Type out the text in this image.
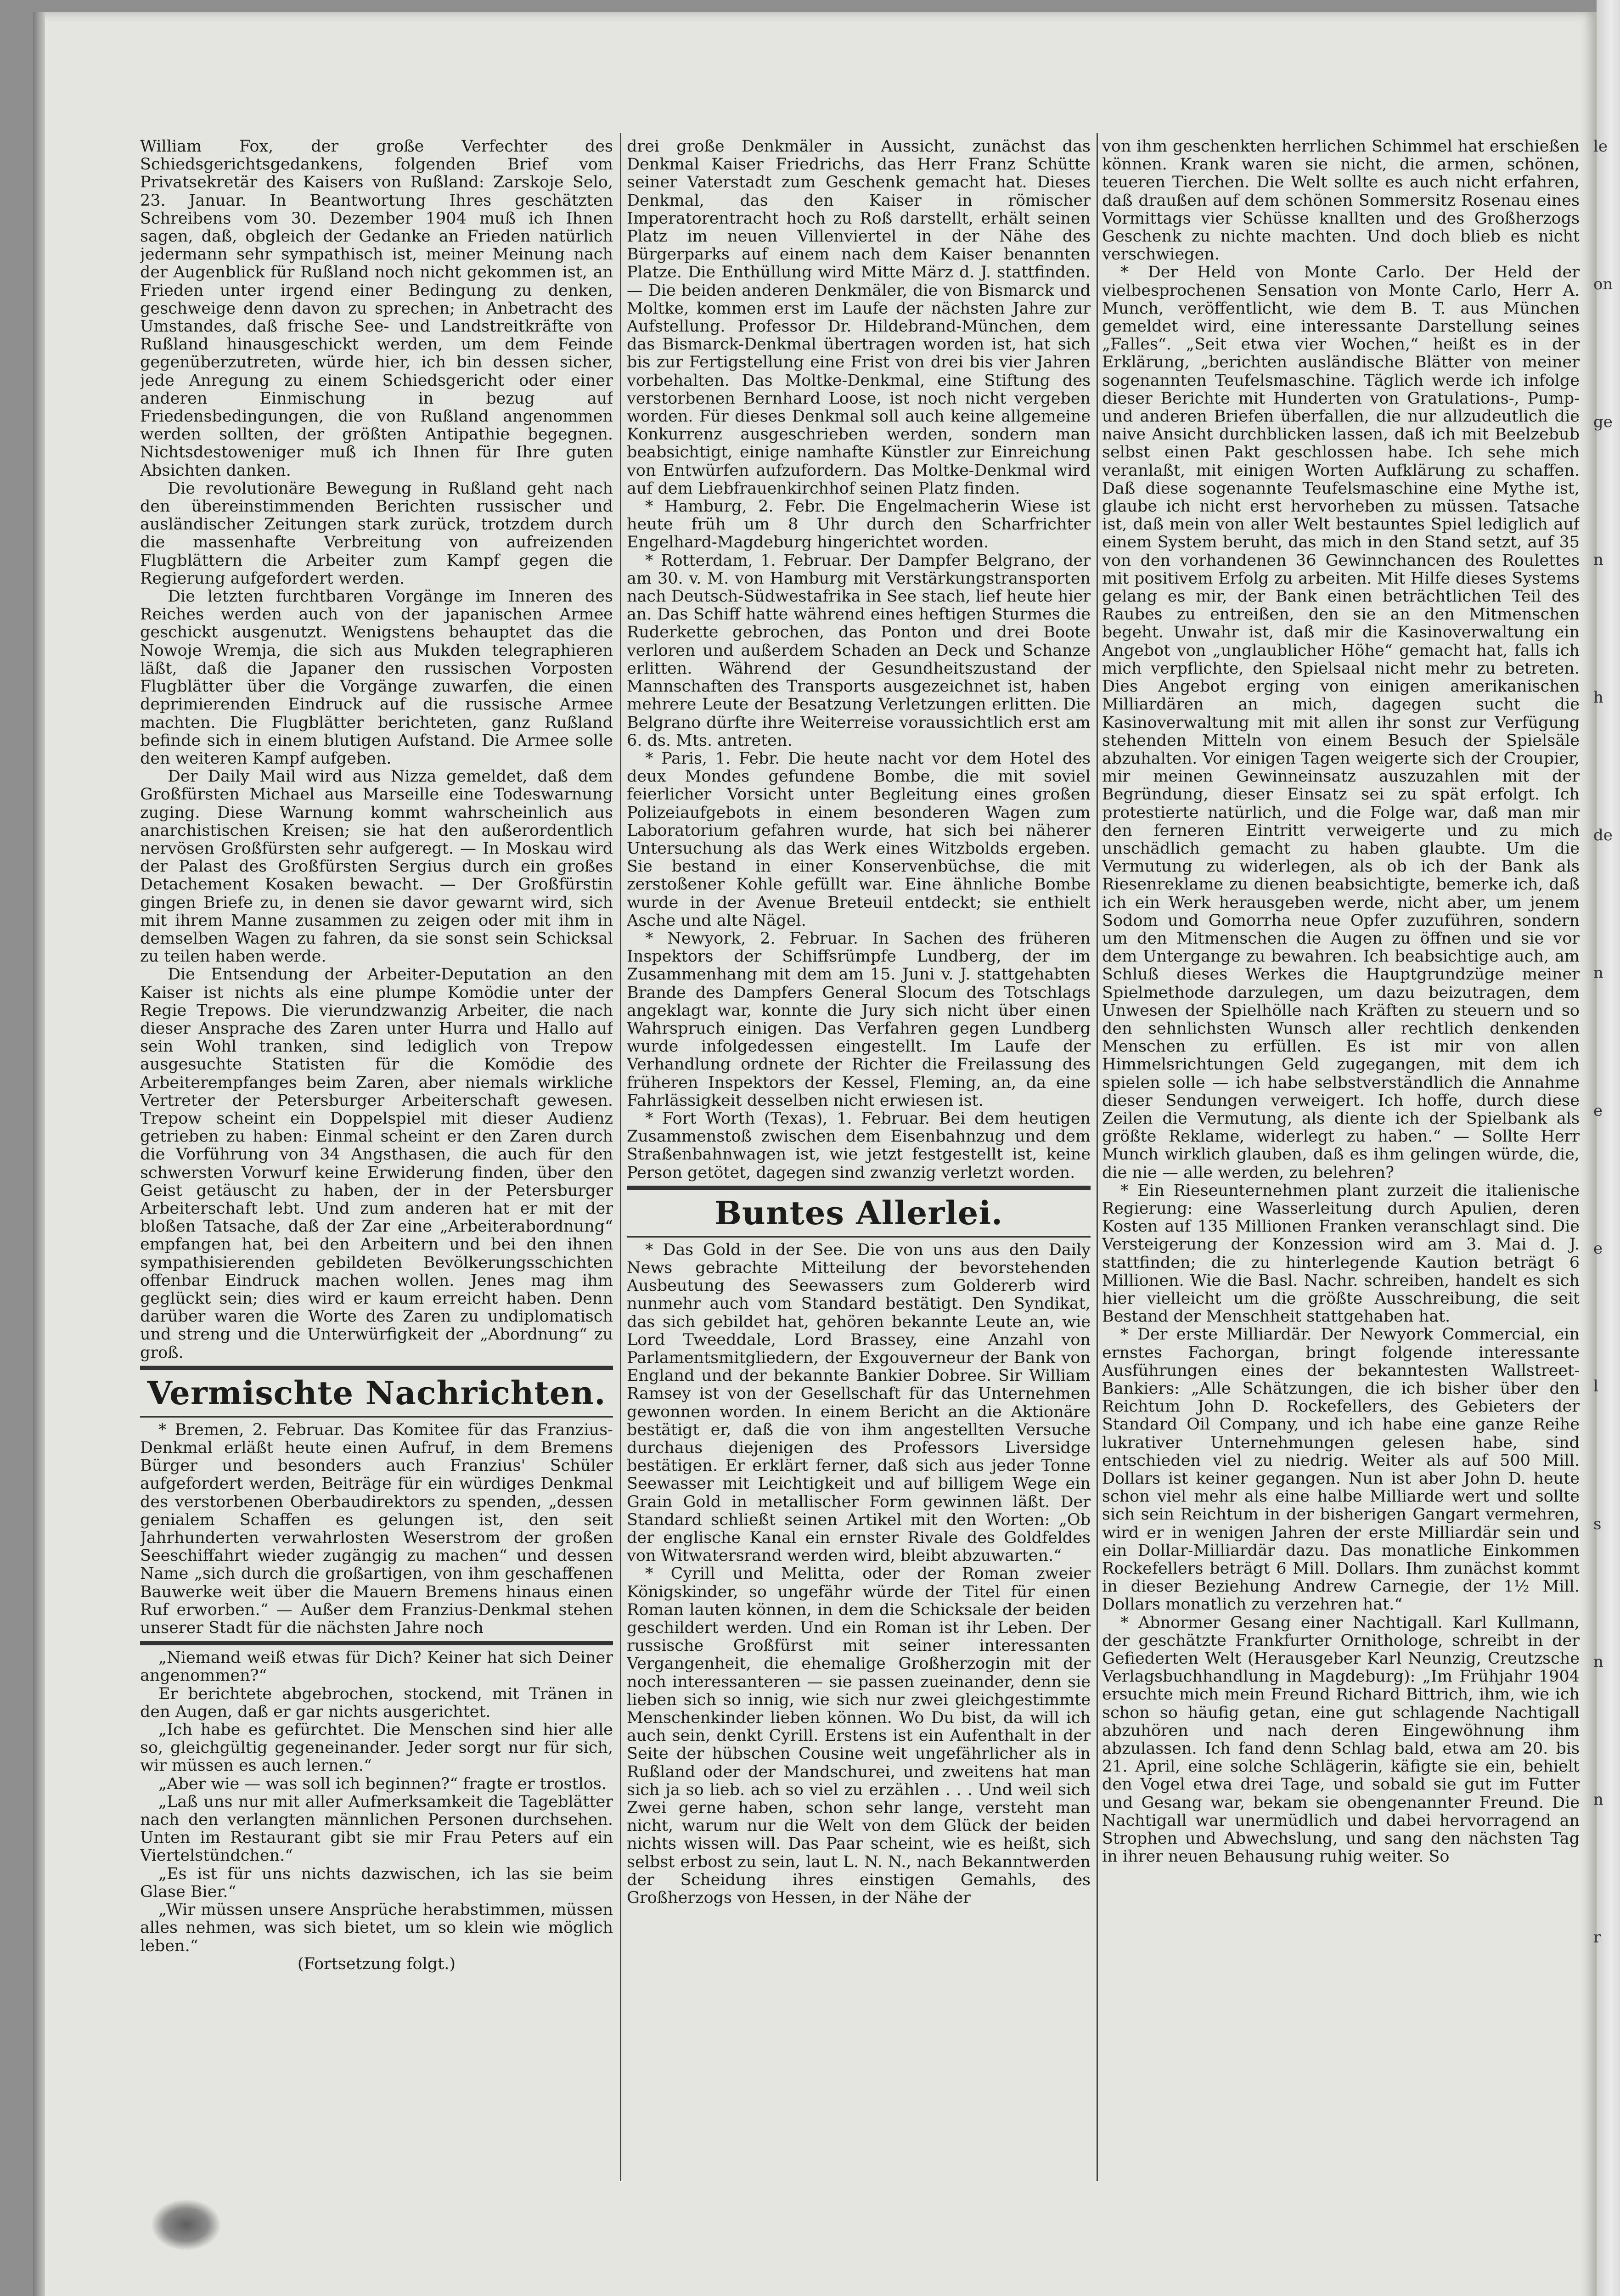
William Fox, der große Verfechter des Schiedsgerichtsgedankens, folgenden Brief vom Privatsekretär des Kaisers von Rußland: Zarskoje Selo, 23. Januar. In Beantwortung Ihres geschätzten Schreibens vom 30. Dezember 1904 muß ich Ihnen sagen, daß, obgleich der Gedanke an Frieden natürlich jedermann sehr sympathisch ist, meiner Meinung nach der Augenblick für Rußland noch nicht gekommen ist, an Frieden unter irgend einer Bedingung zu denken, geschweige denn davon zu sprechen; in Anbetracht des Umstandes, daß frische See- und Landstreitkräfte von Rußland hinausgeschickt werden, um dem Feinde gegenüberzutreten, würde hier, ich bin dessen sicher, jede Anregung zu einem Schiedsgericht oder einer anderen Einmischung in bezug auf Friedensbedingungen, die von Rußland angenommen werden sollten, der größten Antipathie begegnen. Nichtsdestoweniger muß ich Ihnen für Ihre guten Absichten danken.

Die revolutionäre Bewegung in Rußland geht nach den übereinstimmenden Berichten russischer und ausländischer Zeitungen stark zurück, trotzdem durch die massenhafte Verbreitung von aufreizenden Flugblättern die Arbeiter zum Kampf gegen die Regierung aufgefordert werden.

Die letzten furchtbaren Vorgänge im Inneren des Reiches werden auch von der japanischen Armee geschickt ausgenutzt. Wenigstens behauptet das die Nowoje Wremja, die sich aus Mukden telegraphieren läßt, daß die Japaner den russischen Vorposten Flugblätter über die Vorgänge zuwarfen, die einen deprimierenden Eindruck auf die russische Armee machten. Die Flugblätter berichteten, ganz Rußland befinde sich in einem blutigen Aufstand. Die Armee solle den weiteren Kampf aufgeben.

Der Daily Mail wird aus Nizza gemeldet, daß dem Großfürsten Michael aus Marseille eine Todeswarnung zuging. Diese Warnung kommt wahrscheinlich aus anarchistischen Kreisen; sie hat den außerordentlich nervösen Großfürsten sehr aufgeregt. — In Moskau wird der Palast des Großfürsten Sergius durch ein großes Detachement Kosaken bewacht. — Der Großfürstin gingen Briefe zu, in denen sie davor gewarnt wird, sich mit ihrem Manne zusammen zu zeigen oder mit ihm in demselben Wagen zu fahren, da sie sonst sein Schicksal zu teilen haben werde.

Die Entsendung der Arbeiter-Deputation an den Kaiser ist nichts als eine plumpe Komödie unter der Regie Trepows. Die vierundzwanzig Arbeiter, die nach dieser Ansprache des Zaren unter Hurra und Hallo auf sein Wohl tranken, sind lediglich von Trepow ausgesuchte Statisten für die Komödie des Arbeiterempfanges beim Zaren, aber niemals wirkliche Vertreter der Petersburger Arbeiterschaft gewesen. Trepow scheint ein Doppelspiel mit dieser Audienz getrieben zu haben: Einmal scheint er den Zaren durch die Vorführung von 34 Angsthasen, die auch für den schwersten Vorwurf keine Erwiderung finden, über den Geist getäuscht zu haben, der in der Petersburger Arbeiterschaft lebt. Und zum anderen hat er mit der bloßen Tatsache, daß der Zar eine „Arbeiterabordnung“ empfangen hat, bei den Arbeitern und bei den ihnen sympathisierenden gebildeten Bevölkerungsschichten offenbar Eindruck machen wollen. Jenes mag ihm geglückt sein; dies wird er kaum erreicht haben. Denn darüber waren die Worte des Zaren zu undiplomatisch und streng und die Unterwürfigkeit der „Abordnung“ zu groß.

Vermischte Nachrichten.

* Bremen, 2. Februar. Das Komitee für das Franzius-Denkmal erläßt heute einen Aufruf, in dem Bremens Bürger und besonders auch Franzius' Schüler aufgefordert werden, Beiträge für ein würdiges Denkmal des verstorbenen Oberbaudirektors zu spenden, „dessen genialem Schaffen es gelungen ist, den seit Jahrhunderten verwahrlosten Weserstrom der großen Seeschiffahrt wieder zugängig zu machen“ und dessen Name „sich durch die großartigen, von ihm geschaffenen Bauwerke weit über die Mauern Bremens hinaus einen Ruf erworben.“ — Außer dem Franzius-Denkmal stehen unserer Stadt für die nächsten Jahre noch

„Niemand weiß etwas für Dich? Keiner hat sich Deiner angenommen?“

Er berichtete abgebrochen, stockend, mit Tränen in den Augen, daß er gar nichts ausgerichtet.

„Ich habe es gefürchtet. Die Menschen sind hier alle so, gleichgültig gegeneinander. Jeder sorgt nur für sich, wir müssen es auch lernen.“

„Aber wie — was soll ich beginnen?“ fragte er trostlos.

„Laß uns nur mit aller Aufmerksamkeit die Tageblätter nach den verlangten männlichen Personen durchsehen. Unten im Restaurant gibt sie mir Frau Peters auf ein Viertelstündchen.“

„Es ist für uns nichts dazwischen, ich las sie beim Glase Bier.“

„Wir müssen unsere Ansprüche herabstimmen, müssen alles nehmen, was sich bietet, um so klein wie möglich leben.“

(Fortsetzung folgt.)

drei große Denkmäler in Aussicht, zunächst das Denkmal Kaiser Friedrichs, das Herr Franz Schütte seiner Vaterstadt zum Geschenk gemacht hat. Dieses Denkmal, das den Kaiser in römischer Imperatorentracht hoch zu Roß darstellt, erhält seinen Platz im neuen Villenviertel in der Nähe des Bürgerparks auf einem nach dem Kaiser benannten Platze. Die Enthüllung wird Mitte März d. J. stattfinden. — Die beiden anderen Denkmäler, die von Bismarck und Moltke, kommen erst im Laufe der nächsten Jahre zur Aufstellung. Professor Dr. Hildebrand-München, dem das Bismarck-Denkmal übertragen worden ist, hat sich bis zur Fertigstellung eine Frist von drei bis vier Jahren vorbehalten. Das Moltke-Denkmal, eine Stiftung des verstorbenen Bernhard Loose, ist noch nicht vergeben worden. Für dieses Denkmal soll auch keine allgemeine Konkurrenz ausgeschrieben werden, sondern man beabsichtigt, einige namhafte Künstler zur Einreichung von Entwürfen aufzufordern. Das Moltke-Denkmal wird auf dem Liebfrauenkirchhof seinen Platz finden.

* Hamburg, 2. Febr. Die Engelmacherin Wiese ist heute früh um 8 Uhr durch den Scharfrichter Engelhard-Magdeburg hingerichtet worden.

* Rotterdam, 1. Februar. Der Dampfer Belgrano, der am 30. v. M. von Hamburg mit Verstärkungstransporten nach Deutsch-Südwestafrika in See stach, lief heute hier an. Das Schiff hatte während eines heftigen Sturmes die Ruderkette gebrochen, das Ponton und drei Boote verloren und außerdem Schaden an Deck und Schanze erlitten. Während der Gesundheitszustand der Mannschaften des Transports ausgezeichnet ist, haben mehrere Leute der Besatzung Verletzungen erlitten. Die Belgrano dürfte ihre Weiterreise voraussichtlich erst am 6. ds. Mts. antreten.

* Paris, 1. Febr. Die heute nacht vor dem Hotel des deux Mondes gefundene Bombe, die mit soviel feierlicher Vorsicht unter Begleitung eines großen Polizeiaufgebots in einem besonderen Wagen zum Laboratorium gefahren wurde, hat sich bei näherer Untersuchung als das Werk eines Witzbolds ergeben. Sie bestand in einer Konservenbüchse, die mit zerstoßener Kohle gefüllt war. Eine ähnliche Bombe wurde in der Avenue Breteuil entdeckt; sie enthielt Asche und alte Nägel.

* Newyork, 2. Februar. In Sachen des früheren Inspektors der Schiffsrümpfe Lundberg, der im Zusammenhang mit dem am 15. Juni v. J. stattgehabten Brande des Dampfers General Slocum des Totschlags angeklagt war, konnte die Jury sich nicht über einen Wahrspruch einigen. Das Verfahren gegen Lundberg wurde infolgedessen eingestellt. Im Laufe der Verhandlung ordnete der Richter die Freilassung des früheren Inspektors der Kessel, Fleming, an, da eine Fahrlässigkeit desselben nicht erwiesen ist.

* Fort Worth (Texas), 1. Februar. Bei dem heutigen Zusammenstoß zwischen dem Eisenbahnzug und dem Straßenbahnwagen ist, wie jetzt festgestellt ist, keine Person getötet, dagegen sind zwanzig verletzt worden.

Buntes Allerlei.

* Das Gold in der See. Die von uns aus den Daily News gebrachte Mitteilung der bevorstehenden Ausbeutung des Seewassers zum Goldererb wird nunmehr auch vom Standard bestätigt. Den Syndikat, das sich gebildet hat, gehören bekannte Leute an, wie Lord Tweeddale, Lord Brassey, eine Anzahl von Parlamentsmitgliedern, der Exgouverneur der Bank von England und der bekannte Bankier Dobree. Sir William Ramsey ist von der Gesellschaft für das Unternehmen gewonnen worden. In einem Bericht an die Aktionäre bestätigt er, daß die von ihm angestellten Versuche durchaus diejenigen des Professors Liversidge bestätigen. Er erklärt ferner, daß sich aus jeder Tonne Seewasser mit Leichtigkeit und auf billigem Wege ein Grain Gold in metallischer Form gewinnen läßt. Der Standard schließt seinen Artikel mit den Worten: „Ob der englische Kanal ein ernster Rivale des Goldfeldes von Witwatersrand werden wird, bleibt abzuwarten.“

* Cyrill und Melitta, oder der Roman zweier Königskinder, so ungefähr würde der Titel für einen Roman lauten können, in dem die Schicksale der beiden geschildert werden. Und ein Roman ist ihr Leben. Der russische Großfürst mit seiner interessanten Vergangenheit, die ehemalige Großherzogin mit der noch interessanteren — sie passen zueinander, denn sie lieben sich so innig, wie sich nur zwei gleichgestimmte Menschenkinder lieben können. Wo Du bist, da will ich auch sein, denkt Cyrill. Erstens ist ein Aufenthalt in der Seite der hübschen Cousine weit ungefährlicher als in Rußland oder der Mandschurei, und zweitens hat man sich ja so lieb. ach so viel zu erzählen . . . Und weil sich Zwei gerne haben, schon sehr lange, versteht man nicht, warum nur die Welt von dem Glück der beiden nichts wissen will. Das Paar scheint, wie es heißt, sich selbst erbost zu sein, laut L. N. N., nach Bekanntwerden der Scheidung ihres einstigen Gemahls, des Großherzogs von Hessen, in der Nähe der

von ihm geschenkten herrlichen Schimmel hat erschießen können. Krank waren sie nicht, die armen, schönen, teueren Tierchen. Die Welt sollte es auch nicht erfahren, daß draußen auf dem schönen Sommersitz Rosenau eines Vormittags vier Schüsse knallten und des Großherzogs Geschenk zu nichte machten. Und doch blieb es nicht verschwiegen.

* Der Held von Monte Carlo. Der Held der vielbesprochenen Sensation von Monte Carlo, Herr A. Munch, veröffentlicht, wie dem B. T. aus München gemeldet wird, eine interessante Darstellung seines „Falles“. „Seit etwa vier Wochen,“ heißt es in der Erklärung, „berichten ausländische Blätter von meiner sogenannten Teufelsmaschine. Täglich werde ich infolge dieser Berichte mit Hunderten von Gratulations-, Pump- und anderen Briefen überfallen, die nur allzudeutlich die naive Ansicht durchblicken lassen, daß ich mit Beelzebub selbst einen Pakt geschlossen habe. Ich sehe mich veranlaßt, mit einigen Worten Aufklärung zu schaffen. Daß diese sogenannte Teufelsmaschine eine Mythe ist, glaube ich nicht erst hervorheben zu müssen. Tatsache ist, daß mein von aller Welt bestauntes Spiel lediglich auf einem System beruht, das mich in den Stand setzt, auf 35 von den vorhandenen 36 Gewinnchancen des Roulettes mit positivem Erfolg zu arbeiten. Mit Hilfe dieses Systems gelang es mir, der Bank einen beträchtlichen Teil des Raubes zu entreißen, den sie an den Mitmenschen begeht. Unwahr ist, daß mir die Kasinoverwaltung ein Angebot von „unglaublicher Höhe“ gemacht hat, falls ich mich verpflichte, den Spielsaal nicht mehr zu betreten. Dies Angebot erging von einigen amerikanischen Milliardären an mich, dagegen sucht die Kasinoverwaltung mit mit allen ihr sonst zur Verfügung stehenden Mitteln von einem Besuch der Spielsäle abzuhalten. Vor einigen Tagen weigerte sich der Croupier, mir meinen Gewinneinsatz auszuzahlen mit der Begründung, dieser Einsatz sei zu spät erfolgt. Ich protestierte natürlich, und die Folge war, daß man mir den ferneren Eintritt verweigerte und zu mich unschädlich gemacht zu haben glaubte. Um die Vermutung zu widerlegen, als ob ich der Bank als Riesenreklame zu dienen beabsichtigte, bemerke ich, daß ich ein Werk herausgeben werde, nicht aber, um jenem Sodom und Gomorrha neue Opfer zuzuführen, sondern um den Mitmenschen die Augen zu öffnen und sie vor dem Untergange zu bewahren. Ich beabsichtige auch, am Schluß dieses Werkes die Hauptgrundzüge meiner Spielmethode darzulegen, um dazu beizutragen, dem Unwesen der Spielhölle nach Kräften zu steuern und so den sehnlichsten Wunsch aller rechtlich denkenden Menschen zu erfüllen. Es ist mir von allen Himmelsrichtungen Geld zugegangen, mit dem ich spielen solle — ich habe selbstverständlich die Annahme dieser Sendungen verweigert. Ich hoffe, durch diese Zeilen die Vermutung, als diente ich der Spielbank als größte Reklame, widerlegt zu haben.“ — Sollte Herr Munch wirklich glauben, daß es ihm gelingen würde, die, die nie — alle werden, zu belehren?

* Ein Rieseunternehmen plant zurzeit die italienische Regierung: eine Wasserleitung durch Apulien, deren Kosten auf 135 Millionen Franken veranschlagt sind. Die Versteigerung der Konzession wird am 3. Mai d. J. stattfinden; die zu hinterlegende Kaution beträgt 6 Millionen. Wie die Basl. Nachr. schreiben, handelt es sich hier vielleicht um die größte Ausschreibung, die seit Bestand der Menschheit stattgehaben hat.

* Der erste Milliardär. Der Newyork Commercial, ein ernstes Fachorgan, bringt folgende interessante Ausführungen eines der bekanntesten Wallstreet-Bankiers: „Alle Schätzungen, die ich bisher über den Reichtum John D. Rockefellers, des Gebieters der Standard Oil Company, und ich habe eine ganze Reihe lukrativer Unternehmungen gelesen habe, sind entschieden viel zu niedrig. Weiter als auf 500 Mill. Dollars ist keiner gegangen. Nun ist aber John D. heute schon viel mehr als eine halbe Milliarde wert und sollte sich sein Reichtum in der bisherigen Gangart vermehren, wird er in wenigen Jahren der erste Milliardär sein und ein Dollar-Milliardär dazu. Das monatliche Einkommen Rockefellers beträgt 6 Mill. Dollars. Ihm zunächst kommt in dieser Beziehung Andrew Carnegie, der 1½ Mill. Dollars monatlich zu verzehren hat.“

* Abnormer Gesang einer Nachtigall. Karl Kullmann, der geschätzte Frankfurter Ornithologe, schreibt in der Gefiederten Welt (Herausgeber Karl Neunzig, Creutzsche Verlagsbuchhandlung in Magdeburg): „Im Frühjahr 1904 ersuchte mich mein Freund Richard Bittrich, ihm, wie ich schon so häufig getan, eine gut schlagende Nachtigall abzuhören und nach deren Eingewöhnung ihm abzulassen. Ich fand denn Schlag bald, etwa am 20. bis 21. April, eine solche Schlägerin, käfigte sie ein, behielt den Vogel etwa drei Tage, und sobald sie gut im Futter und Gesang war, bekam sie obengenannter Freund. Die Nachtigall war unermüdlich und dabei hervorragend an Strophen und Abwechslung, und sang den nächsten Tag in ihrer neuen Behausung ruhig weiter. So

le
on
ge
n
h
de
n
e
e
l
s
n
n
r
